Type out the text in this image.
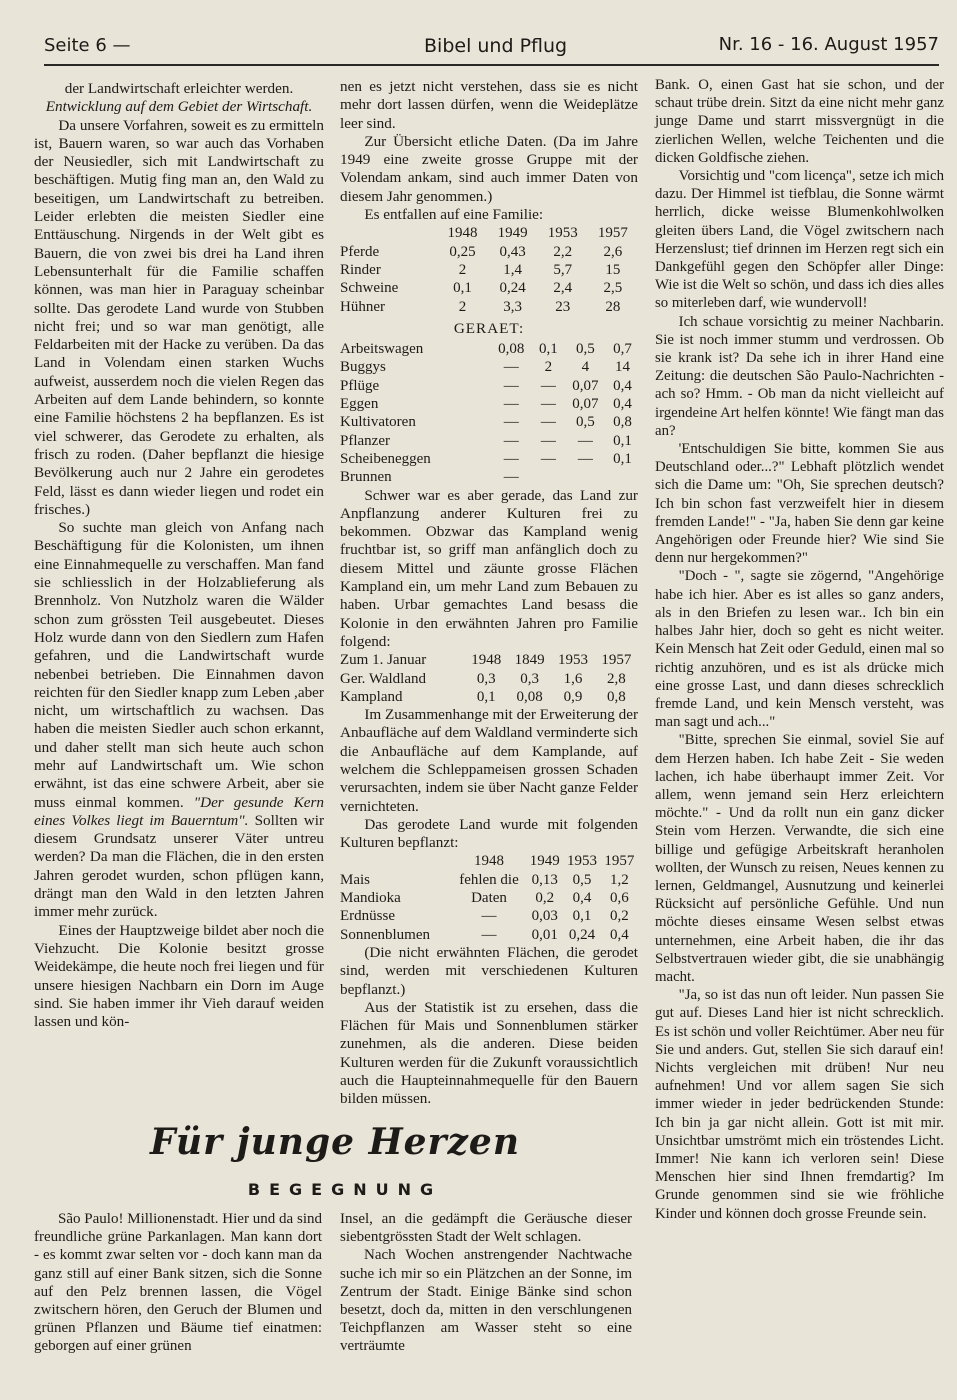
Seite 6 —	Bibel und Pflug	Nr. 16 - 16. August 1957

der Landwirtschaft erleichter werden.

Entwicklung auf dem Gebiet der Wirtschaft.

Da unsere Vorfahren, soweit es zu ermitteln ist, Bauern waren, so war auch das Vorhaben der Neusiedler, sich mit Landwirtschaft zu beschäftigen. Mutig fing man an, den Wald zu beseitigen, um Landwirtschaft zu betreiben. Leider erlebten die meisten Siedler eine Enttäuschung. Nirgends in der Welt gibt es Bauern, die von zwei bis drei ha Land ihren Lebensunterhalt für die Familie schaffen können, was man hier in Paraguay scheinbar sollte. Das gerodete Land wurde von Stubben nicht frei; und so war man genötigt, alle Feldarbeiten mit der Hacke zu verüben. Da das Land in Volendam einen starken Wuchs aufweist, ausserdem noch die vielen Regen das Arbeiten auf dem Lande behindern, so konnte eine Familie höchstens 2 ha bepflanzen. Es ist viel schwerer, das Gerodete zu erhalten, als frisch zu roden. (Daher bepflanzt die hiesige Bevölkerung auch nur 2 Jahre ein gerodetes Feld, lässt es dann wieder liegen und rodet ein frisches.)

So suchte man gleich von Anfang nach Beschäftigung für die Kolonisten, um ihnen eine Einnahmequelle zu verschaffen. Man fand sie schliesslich in der Holzablieferung als Brennholz. Von Nutzholz waren die Wälder schon zum grössten Teil ausgebeutet. Dieses Holz wurde dann von den Siedlern zum Hafen gefahren, und die Landwirtschaft wurde nebenbei betrieben. Die Einnahmen davon reichten für den Siedler knapp zum Leben ,aber nicht, um wirtschaftlich zu wachsen. Das haben die meisten Siedler auch schon erkannt, und daher stellt man sich heute auch schon mehr auf Landwirtschaft um. Wie schon erwähnt, ist das eine schwere Arbeit, aber sie muss einmal kommen. "Der gesunde Kern eines Volkes liegt im Bauerntum". Sollten wir diesem Grundsatz unserer Väter untreu werden? Da man die Flächen, die in den ersten Jahren gerodet wurden, schon pflügen kann, drängt man den Wald in den letzten Jahren immer mehr zurück.

Eines der Hauptzweige bildet aber noch die Viehzucht. Die Kolonie besitzt grosse Weidekämpe, die heute noch frei liegen und für unsere hiesigen Nachbarn ein Dorn im Auge sind. Sie haben immer ihr Vieh darauf weiden lassen und kön-

nen es jetzt nicht verstehen, dass sie es nicht mehr dort lassen dürfen, wenn die Weideplätze leer sind.

Zur Übersicht etliche Daten. (Da im Jahre 1949 eine zweite grosse Gruppe mit der Volendam ankam, sind auch immer Daten von diesem Jahr genommen.)

Es entfallen auf eine Familie:

	1948	1949	1953	1957
Pferde	0,25	0,43	2,2	2,6
Rinder	2	1,4	5,7	15
Schweine	0,1	0,24	2,4	2,5
Hühner	2	3,3	23	28
GERAET:
Arbeitswagen	0,08	0,1	0,5	0,7
Buggys	—	2	4	14
Pflüge	—	—	0,07	0,4
Eggen	—	—	0,07	0,4
Kultivatoren	—	—	0,5	0,8
Pflanzer	—	—	—	0,1
Scheibeneggen	—	—	—	0,1
Brunnen	—			

Schwer war es aber gerade, das Land zur Anpflanzung anderer Kulturen frei zu bekommen. Obzwar das Kampland wenig fruchtbar ist, so griff man anfänglich doch zu diesem Mittel und zäunte grosse Flächen Kampland ein, um mehr Land zum Bebauen zu haben. Urbar gemachtes Land besass die Kolonie in den erwähnten Jahren pro Familie folgend:

Zum 1. Januar	1948	1849	1953	1957
Ger. Waldland	0,3	0,3	1,6	2,8
Kampland	0,1	0,08	0,9	0,8

Im Zusammenhange mit der Erweiterung der Anbaufläche auf dem Waldland verminderte sich die Anbaufläche auf dem Kamplande, auf welchem die Schleppameisen grossen Schaden verursachten, indem sie über Nacht ganze Felder vernichteten.

Das gerodete Land wurde mit folgenden Kulturen bepflanzt:

	1948	1949	1953	1957
Mais	fehlen die	0,13	0,5	1,2
Mandioka	Daten	0,2	0,4	0,6
Erdnüsse	—	0,03	0,1	0,2
Sonnenblumen	—	0,01	0,24	0,4

(Die nicht erwähnten Flächen, die gerodet sind, werden mit verschiedenen Kulturen bepflanzt.)

Aus der Statistik ist zu ersehen, dass die Flächen für Mais und Sonnenblumen stärker zunehmen, als die anderen. Diese beiden Kulturen werden für die Zukunft voraussichtlich auch die Haupteinnahmequelle für den Bauern bilden müssen.

Bank. O, einen Gast hat sie schon, und der schaut trübe drein. Sitzt da eine nicht mehr ganz junge Dame und starrt missvergnügt in die zierlichen Wellen, welche Teichenten und die dicken Goldfische ziehen.

Vorsichtig und "com licença", setze ich mich dazu. Der Himmel ist tiefblau, die Sonne wärmt herrlich, dicke weisse Blumenkohlwolken gleiten übers Land, die Vögel zwitschern nach Herzenslust; tief drinnen im Herzen regt sich ein Dankgefühl gegen den Schöpfer aller Dinge: Wie ist die Welt so schön, und dass ich dies alles so miterleben darf, wie wundervoll!

Ich schaue vorsichtig zu meiner Nachbarin. Sie ist noch immer stumm und verdrossen. Ob sie krank ist? Da sehe ich in ihrer Hand eine Zeitung: die deutschen São Paulo-Nachrichten - ach so? Hmm. - Ob man da nicht vielleicht auf irgendeine Art helfen könnte! Wie fängt man das an?

'Entschuldigen Sie bitte, kommen Sie aus Deutschland oder...?" Lebhaft plötzlich wendet sich die Dame um: "Oh, Sie sprechen deutsch? Ich bin schon fast verzweifelt hier in diesem fremden Lande!" - "Ja, haben Sie denn gar keine Angehörigen oder Freunde hier? Wie sind Sie denn nur hergekommen?"

"Doch - ", sagte sie zögernd, "Angehörige habe ich hier. Aber es ist alles so ganz anders, als in den Briefen zu lesen war.. Ich bin ein halbes Jahr hier, doch so geht es nicht weiter. Kein Mensch hat Zeit oder Geduld, einen mal so richtig anzuhören, und es ist als drücke mich eine grosse Last, und dann dieses schrecklich fremde Land, und kein Mensch versteht, was man sagt und ach..."

"Bitte, sprechen Sie einmal, soviel Sie auf dem Herzen haben. Ich habe Zeit - Sie weden lachen, ich habe überhaupt immer Zeit. Vor allem, wenn jemand sein Herz erleichtern möchte." - Und da rollt nun ein ganz dicker Stein vom Herzen. Verwandte, die sich eine billige und gefügige Arbeitskraft heranholen wollten, der Wunsch zu reisen, Neues kennen zu lernen, Geldmangel, Ausnutzung und keinerlei Rücksicht auf persönliche Gefühle. Und nun möchte dieses einsame Wesen selbst etwas unternehmen, eine Arbeit haben, die ihr das Selbstvertrauen wieder gibt, die sie unabhängig macht.

"Ja, so ist das nun oft leider. Nun passen Sie gut auf. Dieses Land hier ist nicht schrecklich. Es ist schön und voller Reichtümer. Aber neu für Sie und anders. Gut, stellen Sie sich darauf ein! Nichts vergleichen mit drüben! Nur neu aufnehmen! Und vor allem sagen Sie sich immer wieder in jeder bedrückenden Stunde: Ich bin ja gar nicht allein. Gott ist mit mir. Unsichtbar umströmt mich ein tröstendes Licht. Immer! Nie kann ich verloren sein! Diese Menschen hier sind Ihnen fremdartig? Im Grunde genommen sind sie wie fröhliche Kinder und können doch grosse Freunde sein.

Für junge Herzen
BEGEGNUNG

São Paulo! Millionenstadt. Hier und da sind freundliche grüne Parkanlagen. Man kann dort - es kommt zwar selten vor - doch kann man da ganz still auf einer Bank sitzen, sich die Sonne auf den Pelz brennen lassen, die Vögel zwitschern hören, den Geruch der Blumen und grünen Pflanzen und Bäume tief einatmen: geborgen auf einer grünen

Insel, an die gedämpft die Geräusche dieser siebentgrössten Stadt der Welt schlagen.

Nach Wochen anstrengender Nachtwache suche ich mir so ein Plätzchen an der Sonne, im Zentrum der Stadt. Einige Bänke sind schon besetzt, doch da, mitten in den verschlungenen Teichpflanzen am Wasser steht so eine verträumte
